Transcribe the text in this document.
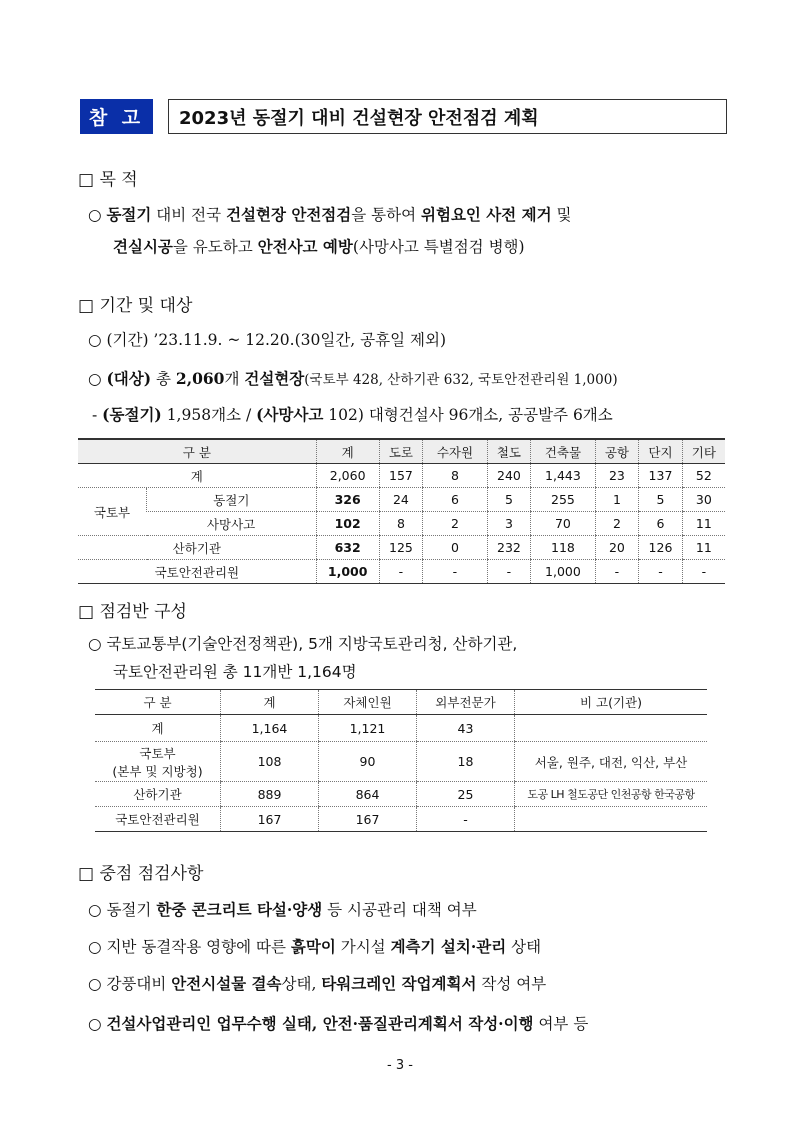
참 고	2023년 동절기 대비 건설현장 안전점검 계획
□ 목 적
○ 동절기 대비 전국 건설현장 안전점검을 통하여 위험요인 사전 제거 및
견실시공을 유도하고 안전사고 예방(사망사고 특별점검 병행)
□ 기간 및 대상
○ (기간) ’23.11.9. ~ 12.20.(30일간, 공휴일 제외)
○ (대상) 총 2,060개 건설현장(국토부 428, 산하기관 632, 국토안전관리원 1,000)
- (동절기) 1,958개소 / (사망사고 102) 대형건설사 96개소, 공공발주 6개소
구 분		계	도로	수자원	철도	건축물	공항	단지	기타
계		2,060	157	8	240	1,443	23	137	52
국토부	동절기	326	24	6	5	255	1	5	30
	사망사고	102	8	2	3	70	2	6	11
산하기관		632	125	0	232	118	20	126	11
국토안전관리원		1,000	-	-	-	1,000	-	-	-
□ 점검반 구성
○ 국토교통부(기술안전정책관), 5개 지방국토관리청, 산하기관,
국토안전관리원 총 11개반 1,164명
구 분	계	자체인원	외부전문가	비 고(기관)
계	1,164	1,121	43	

국토부
(본부 및 지방청)	108	90	18	서울, 원주, 대전, 익산, 부산
산하기관	889	864	25	도공 LH 철도공단 인천공항 한국공항
국토안전관리원	167	167	-	
□ 중점 점검사항
○ 동절기 한중 콘크리트 타설·양생 등 시공관리 대책 여부
○ 지반 동결작용 영향에 따른 흙막이 가시설 계측기 설치·관리 상태
○ 강풍대비 안전시설물 결속상태, 타워크레인 작업계획서 작성 여부
○ 건설사업관리인 업무수행 실태, 안전·품질관리계획서 작성·이행 여부 등
- 3 -
